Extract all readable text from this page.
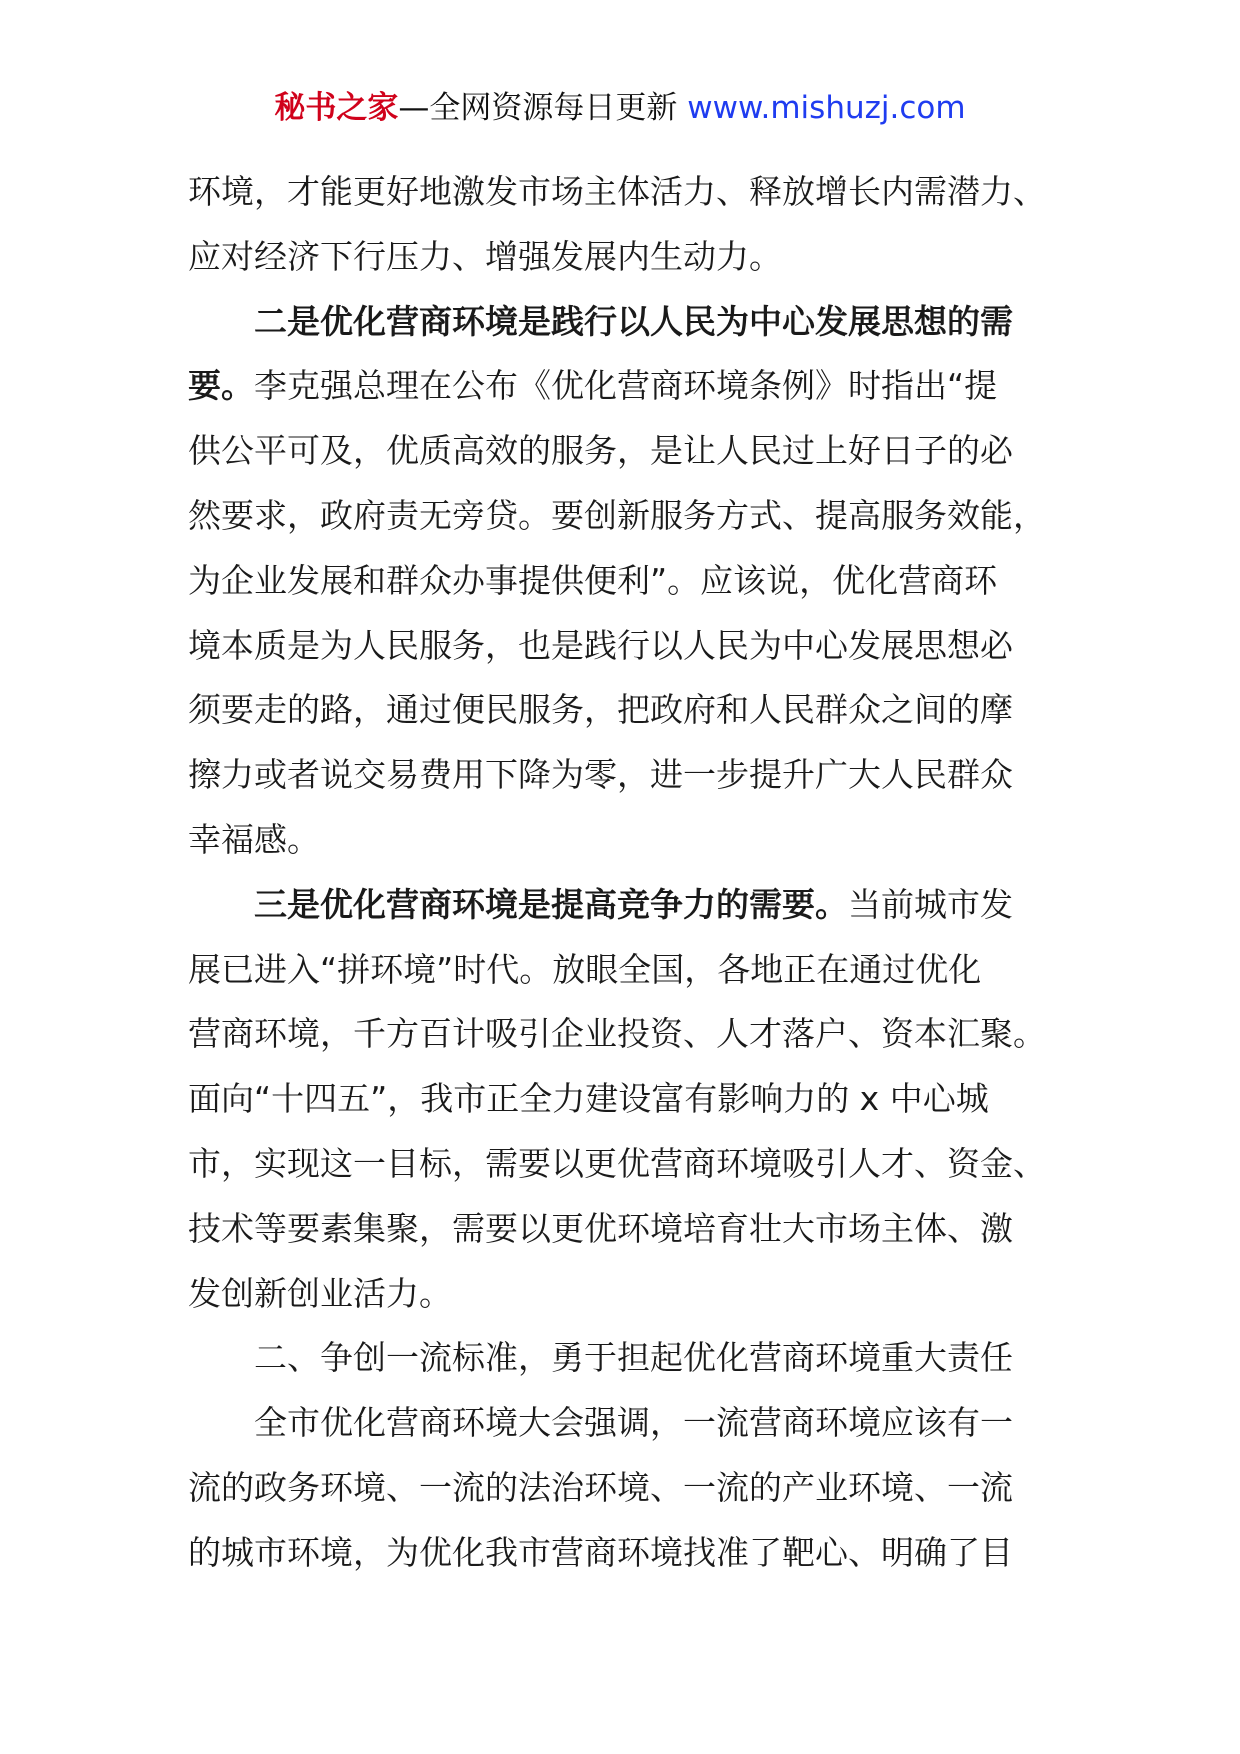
秘书之家—全网资源每日更新 www.mishuzj.com
环境，才能更好地激发市场主体活力、释放增长内需潜力、
应对经济下行压力、增强发展内生动力。
二是优化营商环境是践行以人民为中心发展思想的需
要。李克强总理在公布《优化营商环境条例》时指出“提
供公平可及，优质高效的服务，是让人民过上好日子的必
然要求，政府责无旁贷。要创新服务方式、提高服务效能，
为企业发展和群众办事提供便利”。应该说，优化营商环
境本质是为人民服务，也是践行以人民为中心发展思想必
须要走的路，通过便民服务，把政府和人民群众之间的摩
擦力或者说交易费用下降为零，进一步提升广大人民群众
幸福感。
三是优化营商环境是提高竞争力的需要。当前城市发
展已进入“拼环境”时代。放眼全国，各地正在通过优化
营商环境，千方百计吸引企业投资、人才落户、资本汇聚。
面向“十四五”，我市正全力建设富有影响力的 x 中心城
市，实现这一目标，需要以更优营商环境吸引人才、资金、
技术等要素集聚，需要以更优环境培育壮大市场主体、激
发创新创业活力。
二、争创一流标准，勇于担起优化营商环境重大责任
全市优化营商环境大会强调，一流营商环境应该有一
流的政务环境、一流的法治环境、一流的产业环境、一流
的城市环境，为优化我市营商环境找准了靶心、明确了目
